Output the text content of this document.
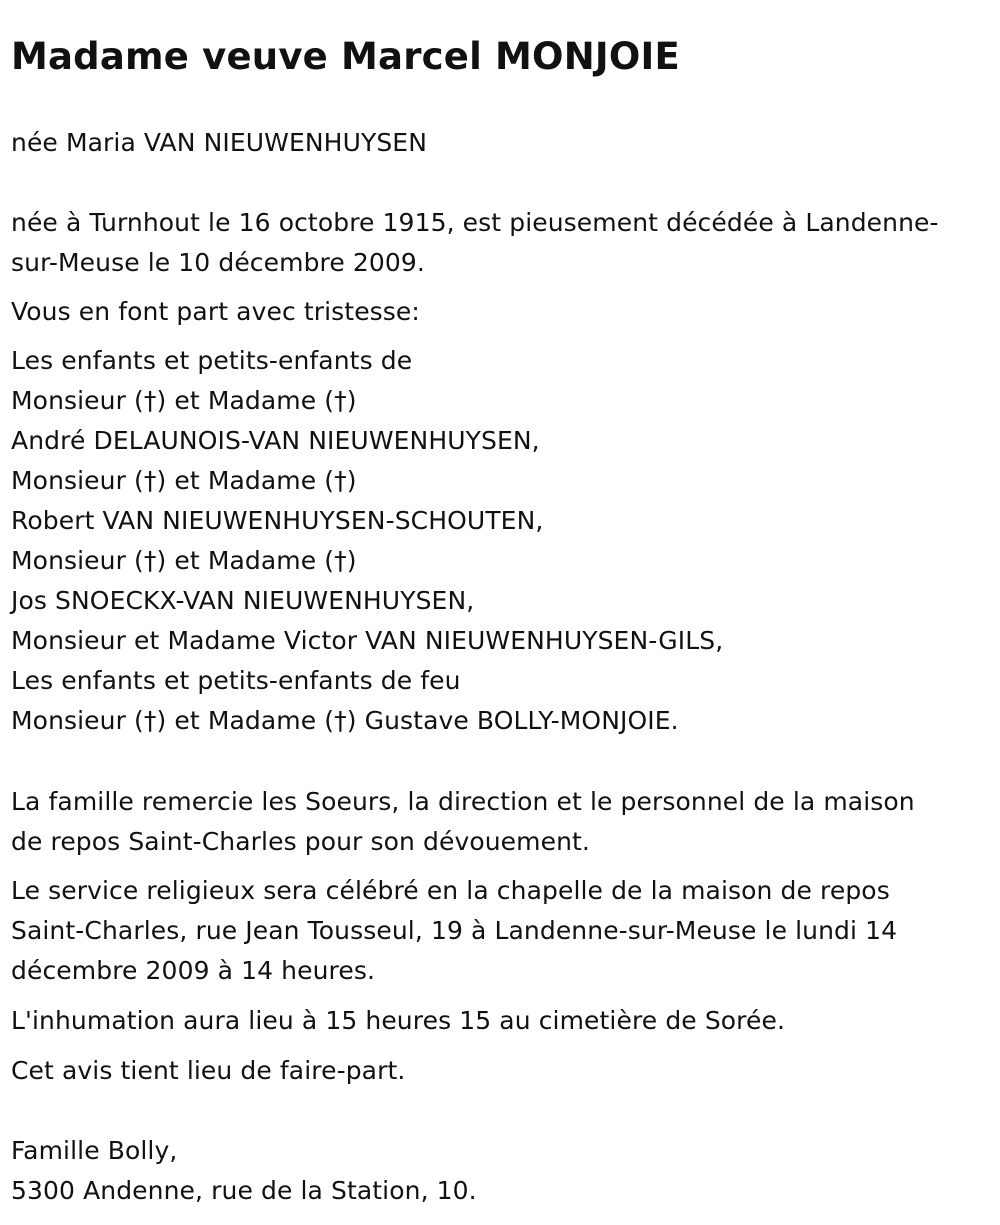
Madame veuve Marcel MONJOIE
née Maria VAN NIEUWENHUYSEN
née à Turnhout le 16 octobre 1915, est pieusement décédée à Landenne-
sur-Meuse le 10 décembre 2009.
Vous en font part avec tristesse:
Les enfants et petits-enfants de
Monsieur (†) et Madame (†)
André DELAUNOIS-VAN NIEUWENHUYSEN,
Monsieur (†) et Madame (†)
Robert VAN NIEUWENHUYSEN-SCHOUTEN,
Monsieur (†) et Madame (†)
Jos SNOECKX-VAN NIEUWENHUYSEN,
Monsieur et Madame Victor VAN NIEUWENHUYSEN-GILS,
Les enfants et petits-enfants de feu
Monsieur (†) et Madame (†) Gustave BOLLY-MONJOIE.
La famille remercie les Soeurs, la direction et le personnel de la maison
de repos Saint-Charles pour son dévouement.
Le service religieux sera célébré en la chapelle de la maison de repos
Saint-Charles, rue Jean Tousseul, 19 à Landenne-sur-Meuse le lundi 14
décembre 2009 à 14 heures.
L'inhumation aura lieu à 15 heures 15 au cimetière de Sorée.
Cet avis tient lieu de faire-part.
Famille Bolly,
5300 Andenne, rue de la Station, 10.
